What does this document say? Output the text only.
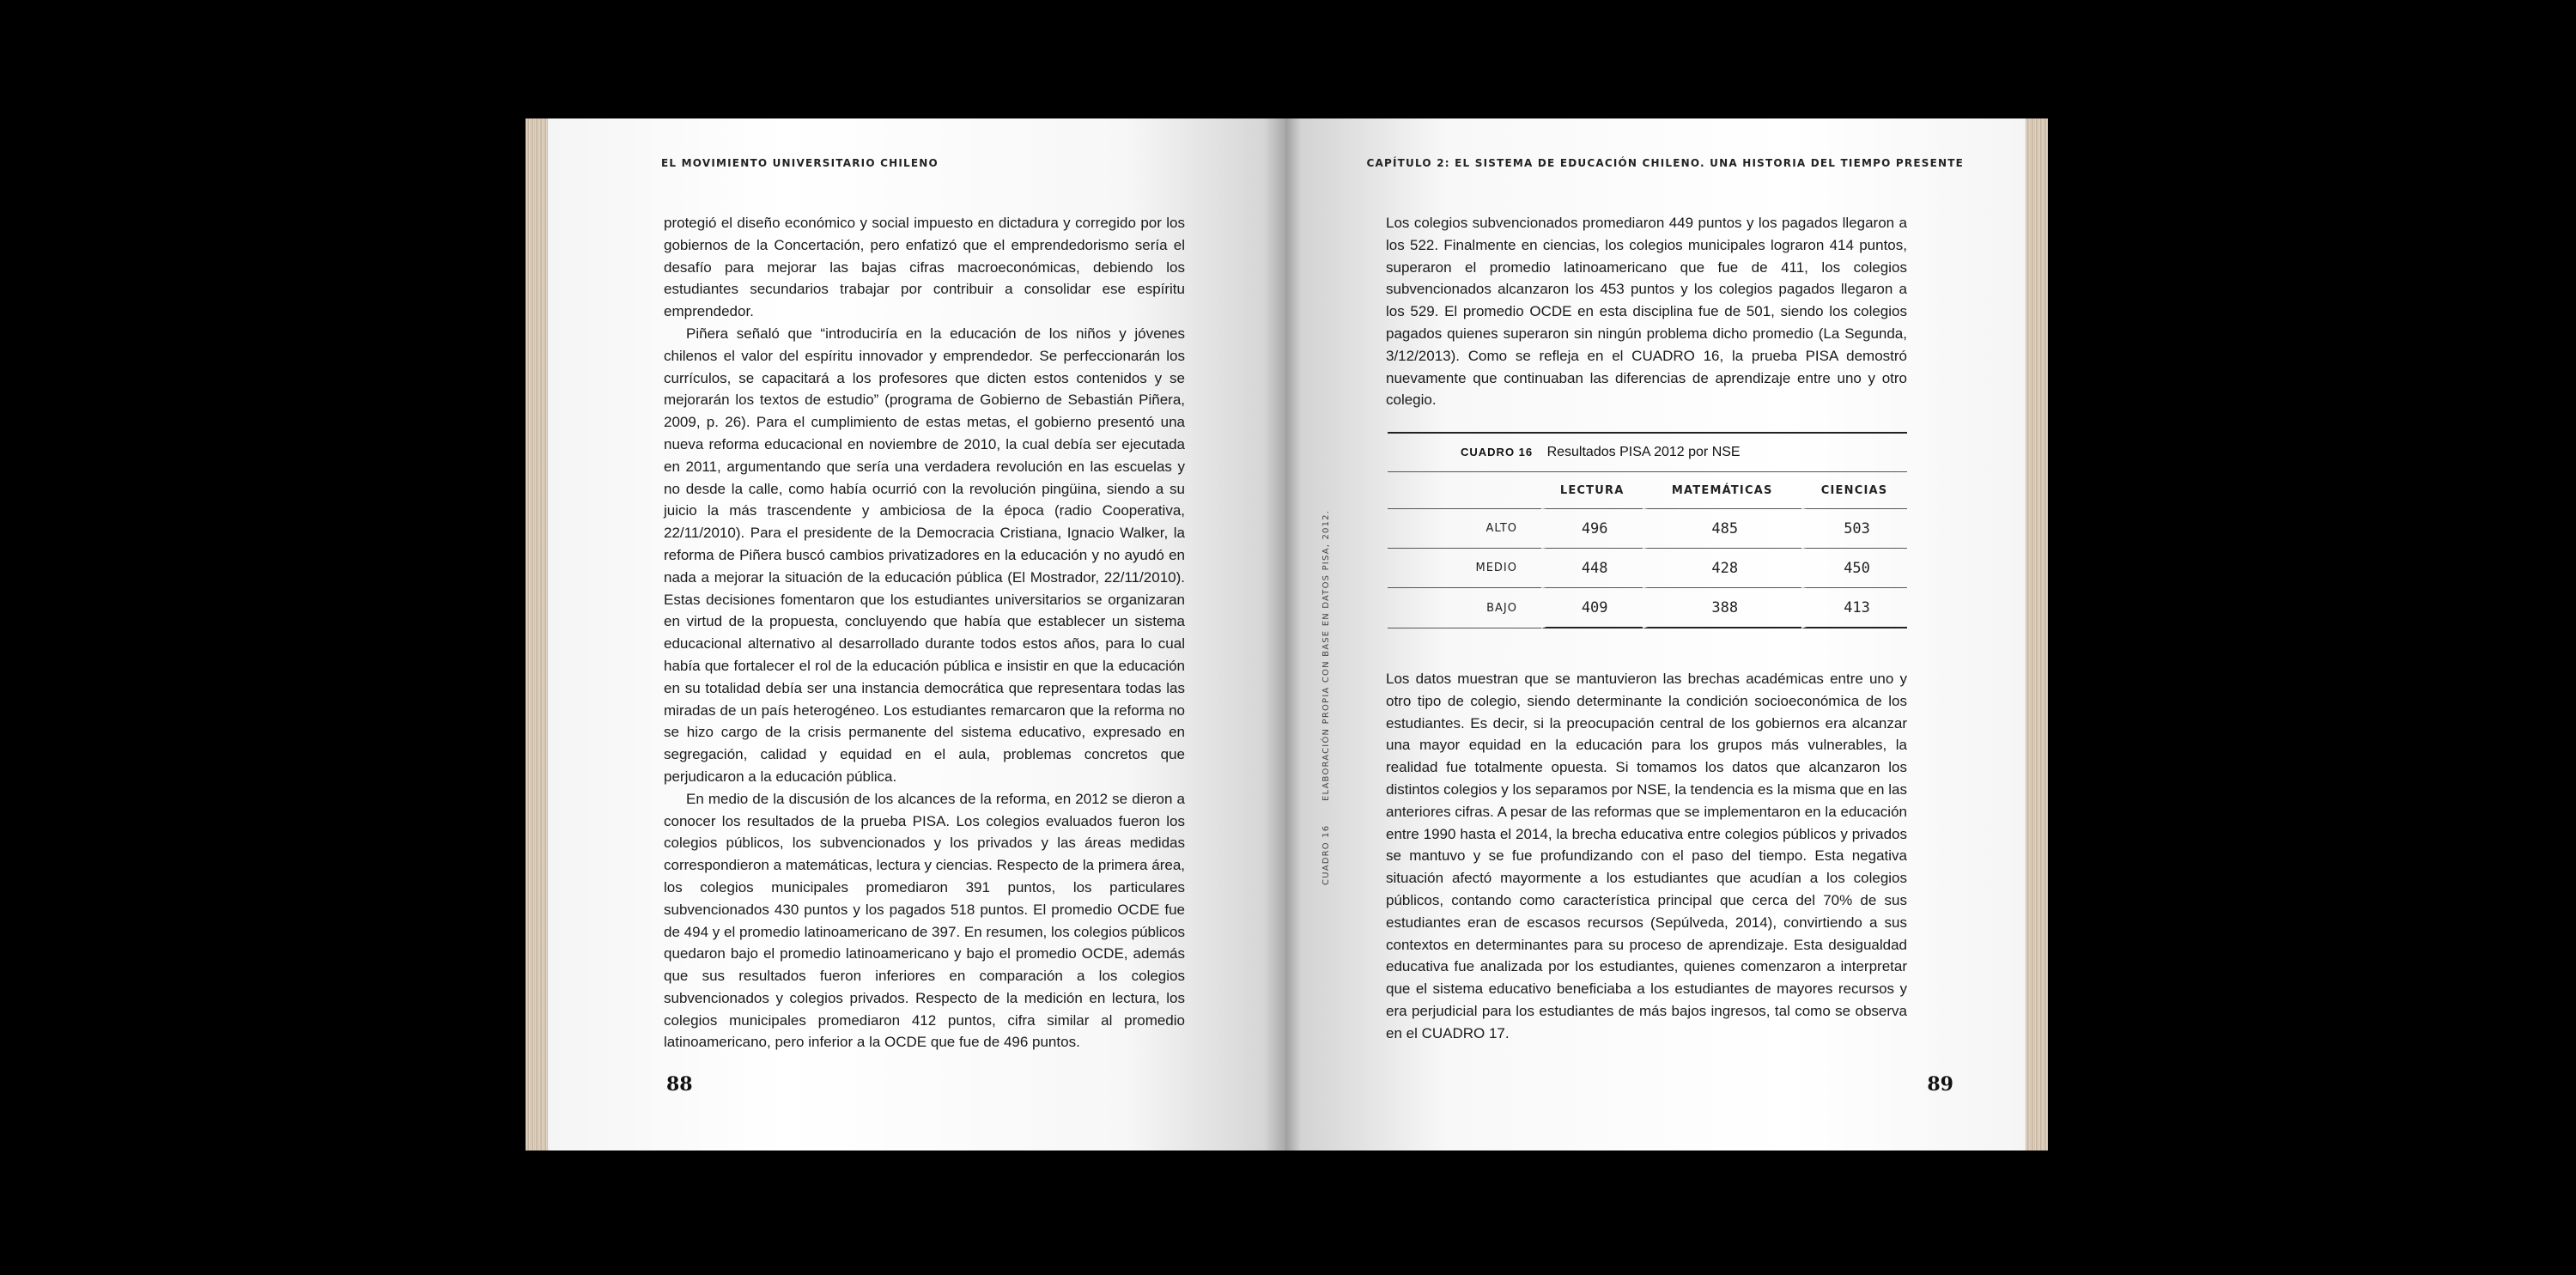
EL MOVIMIENTO UNIVERSITARIO CHILENO

protegió el diseño económico y social impuesto en dictadura y corregido por los gobiernos de la Concertación, pero enfatizó que el emprendedorismo sería el desafío para mejorar las bajas cifras macroeconómicas, debiendo los estudiantes secundarios trabajar por contribuir a consolidar ese espíritu emprendedor.

Piñera señaló que “introduciría en la educación de los niños y jóvenes chilenos el valor del espíritu innovador y emprendedor. Se perfeccionarán los currículos, se capacitará a los profesores que dicten estos contenidos y se mejorarán los textos de estudio” (programa de Gobierno de Sebastián Piñera, 2009, p. 26). Para el cumplimiento de estas metas, el gobierno presentó una nueva reforma educacional en noviembre de 2010, la cual debía ser ejecutada en 2011, argumentando que sería una verdadera revolución en las escuelas y no desde la calle, como había ocurrió con la revolución pingüina, siendo a su juicio la más trascendente y ambiciosa de la época (radio Cooperativa, 22/11/2010). Para el presidente de la Democracia Cristiana, Ignacio Walker, la reforma de Piñera buscó cambios privatizadores en la educación y no ayudó en nada a mejorar la situación de la educación pública (El Mostrador, 22/11/2010). Estas decisiones fomentaron que los estudiantes universitarios se organizaran en virtud de la propuesta, concluyendo que había que establecer un sistema educacional alternativo al desarrollado durante todos estos años, para lo cual había que fortalecer el rol de la educación pública e insistir en que la educación en su totalidad debía ser una instancia democrática que representara todas las miradas de un país heterogéneo. Los estudiantes remarcaron que la reforma no se hizo cargo de la crisis permanente del sistema educativo, expresado en segregación, calidad y equidad en el aula, problemas concretos que perjudicaron a la educación pública.

En medio de la discusión de los alcances de la reforma, en 2012 se dieron a conocer los resultados de la prueba PISA. Los colegios evaluados fueron los colegios públicos, los subvencionados y los privados y las áreas medidas correspondieron a matemáticas, lectura y ciencias. Respecto de la primera área, los colegios municipales promediaron 391 puntos, los particulares subvencionados 430 puntos y los pagados 518 puntos. El promedio OCDE fue de 494 y el promedio latinoamericano de 397. En resumen, los colegios públicos quedaron bajo el promedio latinoamericano y bajo el promedio OCDE, además que sus resultados fueron inferiores en comparación a los colegios subvencionados y colegios privados. Respecto de la medición en lectura, los colegios municipales promediaron 412 puntos, cifra similar al promedio latinoamericano, pero inferior a la OCDE que fue de 496 puntos.

88
CAPÍTULO 2: EL SISTEMA DE EDUCACIÓN CHILENO. UNA HISTORIA DEL TIEMPO PRESENTE

Los colegios subvencionados promediaron 449 puntos y los pagados llegaron a los 522. Finalmente en ciencias, los colegios municipales lograron 414 puntos, superaron el promedio latinoamericano que fue de 411, los colegios subvencionados alcanzaron los 453 puntos y los colegios pagados llegaron a los 529. El promedio OCDE en esta disciplina fue de 501, siendo los colegios pagados quienes superaron sin ningún problema dicho promedio (La Segunda, 3/12/2013). Como se refleja en el CUADRO 16, la prueba PISA demostró nuevamente que continuaban las diferencias de aprendizaje entre uno y otro colegio.

CUADRO 16
ELABORACIÓN PROPIA CON BASE EN DATOS PISA, 2012.
CUADRO 16 Resultados PISA 2012 por NSE
	LECTURA	MATEMÁTICAS	CIENCIAS
ALTO	496	485	503
MEDIO	448	428	450
BAJO	409	388	413

Los datos muestran que se mantuvieron las brechas académicas entre uno y otro tipo de colegio, siendo determinante la condición socioeconómica de los estudiantes. Es decir, si la preocupación central de los gobiernos era alcanzar una mayor equidad en la educación para los grupos más vulnerables, la realidad fue totalmente opuesta. Si tomamos los datos que alcanzaron los distintos colegios y los separamos por NSE, la tendencia es la misma que en las anteriores cifras. A pesar de las reformas que se implementaron en la educación entre 1990 hasta el 2014, la brecha educativa entre colegios públicos y privados se mantuvo y se fue profundizando con el paso del tiempo. Esta negativa situación afectó mayormente a los estudiantes que acudían a los colegios públicos, contando como característica principal que cerca del 70% de sus estudiantes eran de escasos recursos (Sepúlveda, 2014), convirtiendo a sus contextos en determinantes para su proceso de aprendizaje. Esta desigualdad educativa fue analizada por los estudiantes, quienes comenzaron a interpretar que el sistema educativo beneficiaba a los estudiantes de mayores recursos y era perjudicial para los estudiantes de más bajos ingresos, tal como se observa en el CUADRO 17.

89
